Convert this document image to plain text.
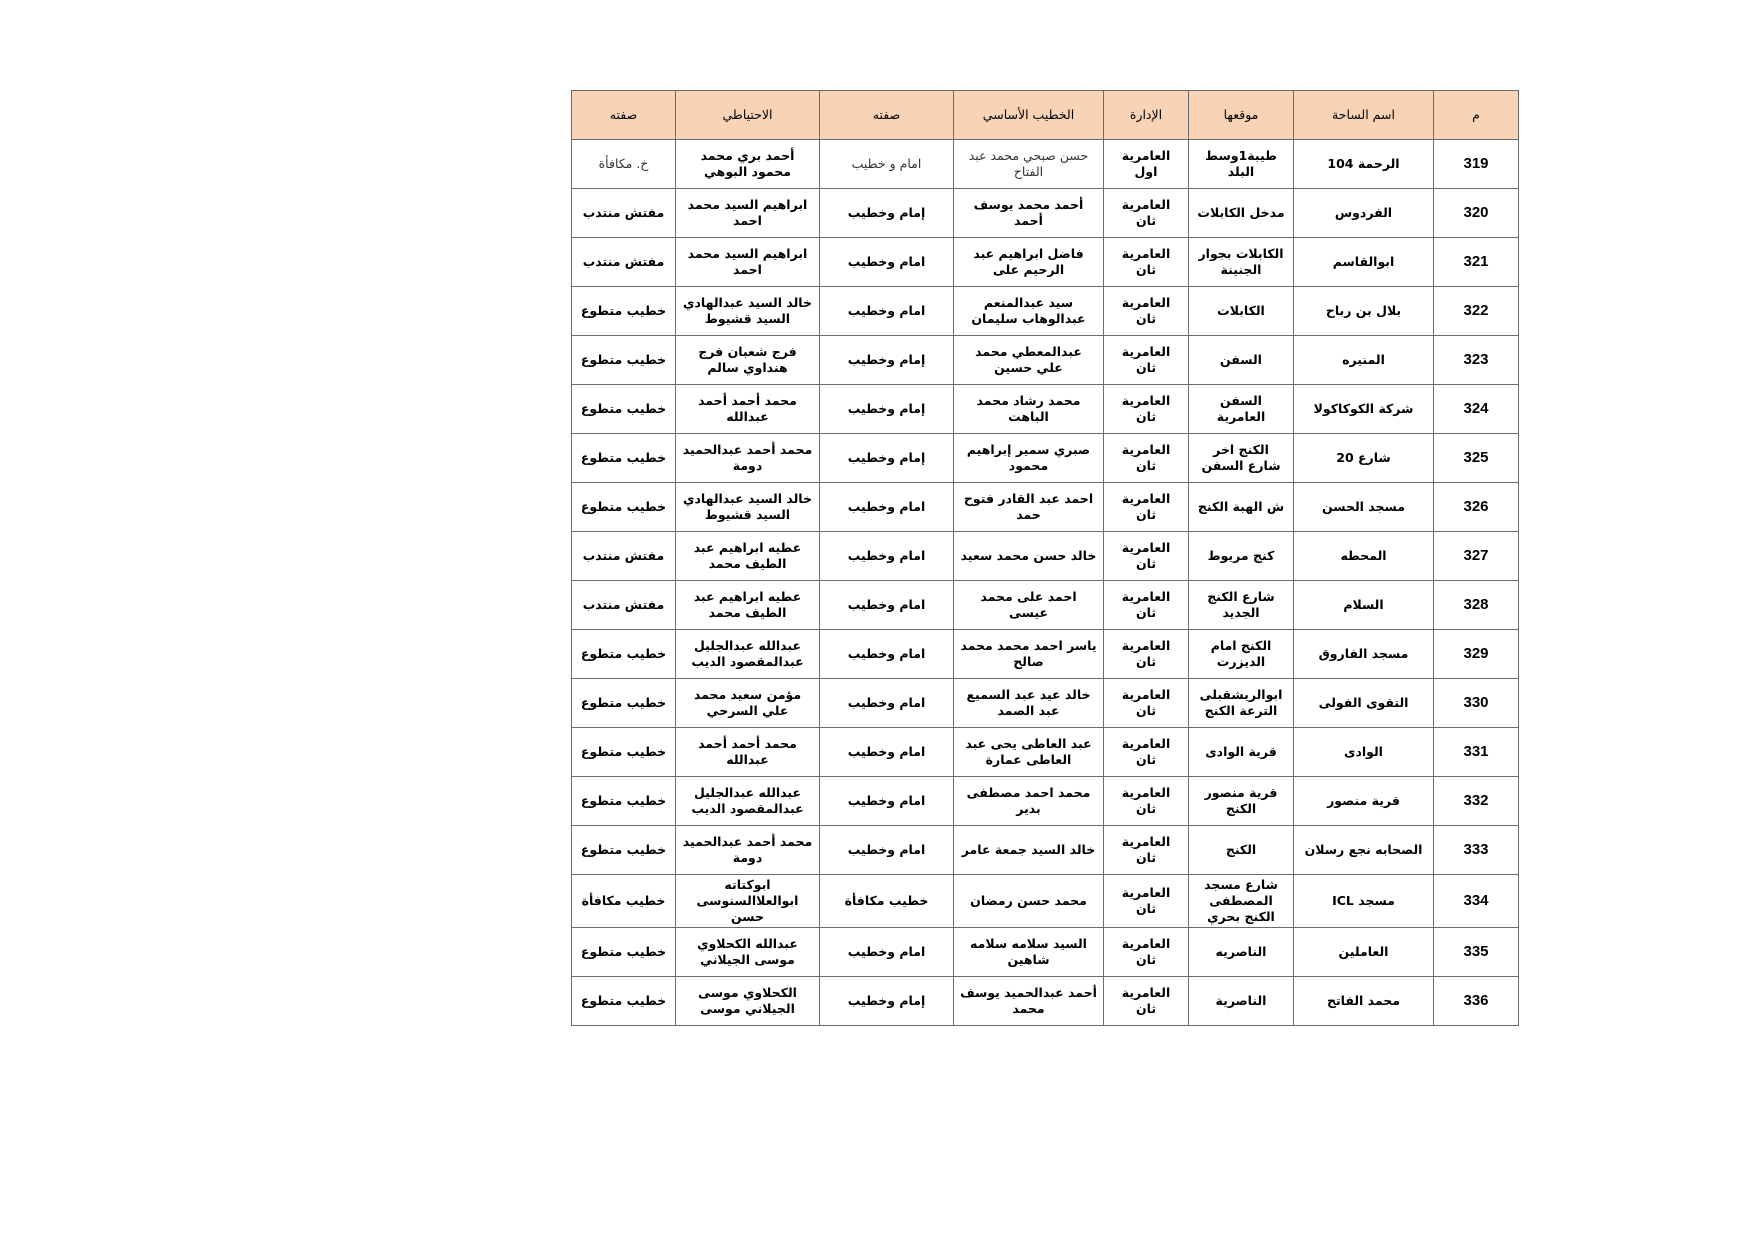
م	اسم الساحة	موقعها	الإدارة	الخطيب الأساسي	صفته	الاحتياطي	صفته
319	الرحمة 104	طيبة1وسط البلد	العامرية اول	حسن صبحي محمد عبد الفتاح	امام و خطيب	أحمد بري محمد محمود البوهي	خ. مكافأة
320	الفردوس	مدخل الكابلات	العامرية ثان	أحمد محمد يوسف أحمد	إمام وخطيب	ابراهيم السيد محمد احمد	مفتش منتدب
321	ابوالقاسم	الكابلات بجوار الجنينة	العامرية ثان	فاضل ابراهيم عبد الرحيم على	امام وخطيب	ابراهيم السيد محمد احمد	مفتش منتدب
322	بلال بن رباح	الكابلات	العامرية ثان	سيد عبدالمنعم عبدالوهاب سليمان	امام وخطيب	خالد السيد عبدالهادي السيد قشيوط	خطيب متطوع
323	المنيره	السفن	العامرية ثان	عبدالمعطي محمد علي حسين	إمام وخطيب	فرج شعبان فرج هنداوي سالم	خطيب متطوع
324	شركة الكوكاكولا	السفن العامرية	العامرية ثان	محمد رشاد محمد الباهت	إمام وخطيب	محمد أحمد أحمد عبدالله	خطيب متطوع
325	شارع 20	الكنج اخر شارع السفن	العامرية ثان	صبري سمير إبراهيم محمود	إمام وخطيب	محمد أحمد عبدالحميد دومة	خطيب متطوع
326	مسجد الحسن	ش الهبة الكنج	العامرية ثان	احمد عبد القادر فتوح حمد	امام وخطيب	خالد السيد عبدالهادي السيد قشيوط	خطيب متطوع
327	المحطه	كنج مريوط	العامرية ثان	خالد حسن محمد سعيد	امام وخطيب	عطيه ابراهيم عبد الطيف محمد	مفتش منتدب
328	السلام	شارع الكنج الجديد	العامرية ثان	احمد على محمد عيسى	امام وخطيب	عطيه ابراهيم عبد الطيف محمد	مفتش منتدب
329	مسجد الفاروق	الكنج امام الديزرت	العامرية ثان	ياسر احمد محمد محمد صالح	امام وخطيب	عبدالله عبدالجليل عبدالمقصود الديب	خطيب متطوع
330	التقوى الفولى	ابوالريشقبلى الترعة الكنج	العامرية ثان	خالد عيد عبد السميع عبد الصمد	امام وخطيب	مؤمن سعيد محمد علي السرحي	خطيب متطوع
331	الوادى	قرية الوادى	العامرية ثان	عبد العاطى يحى عبد العاطى عمارة	امام وخطيب	محمد أحمد أحمد عبدالله	خطيب متطوع
332	قرية منصور	قرية منصور الكنج	العامرية ثان	محمد احمد مصطفى بدير	امام وخطيب	عبدالله عبدالجليل عبدالمقصود الديب	خطيب متطوع
333	الصحابه نجع رسلان	الكنج	العامرية ثان	خالد السيد جمعة عامر	امام وخطيب	محمد أحمد عبدالحميد دومة	خطيب متطوع
334	مسجد ICL	شارع مسجد المصطفى الكنج بحري	العامرية ثان	محمد حسن رمضان	خطيب مكافأة	ابوكتاته ابوالعلاالسنوسى حسن	خطيب مكافأة
335	العاملين	الناصريه	العامرية ثان	السيد سلامه سلامه شاهين	امام وخطيب	عبدالله الكحلاوي موسى الجيلاني	خطيب متطوع
336	محمد الفاتح	الناصرية	العامرية ثان	أحمد عبدالحميد يوسف محمد	إمام وخطيب	الكحلاوي موسى الجيلاني موسى	خطيب متطوع
